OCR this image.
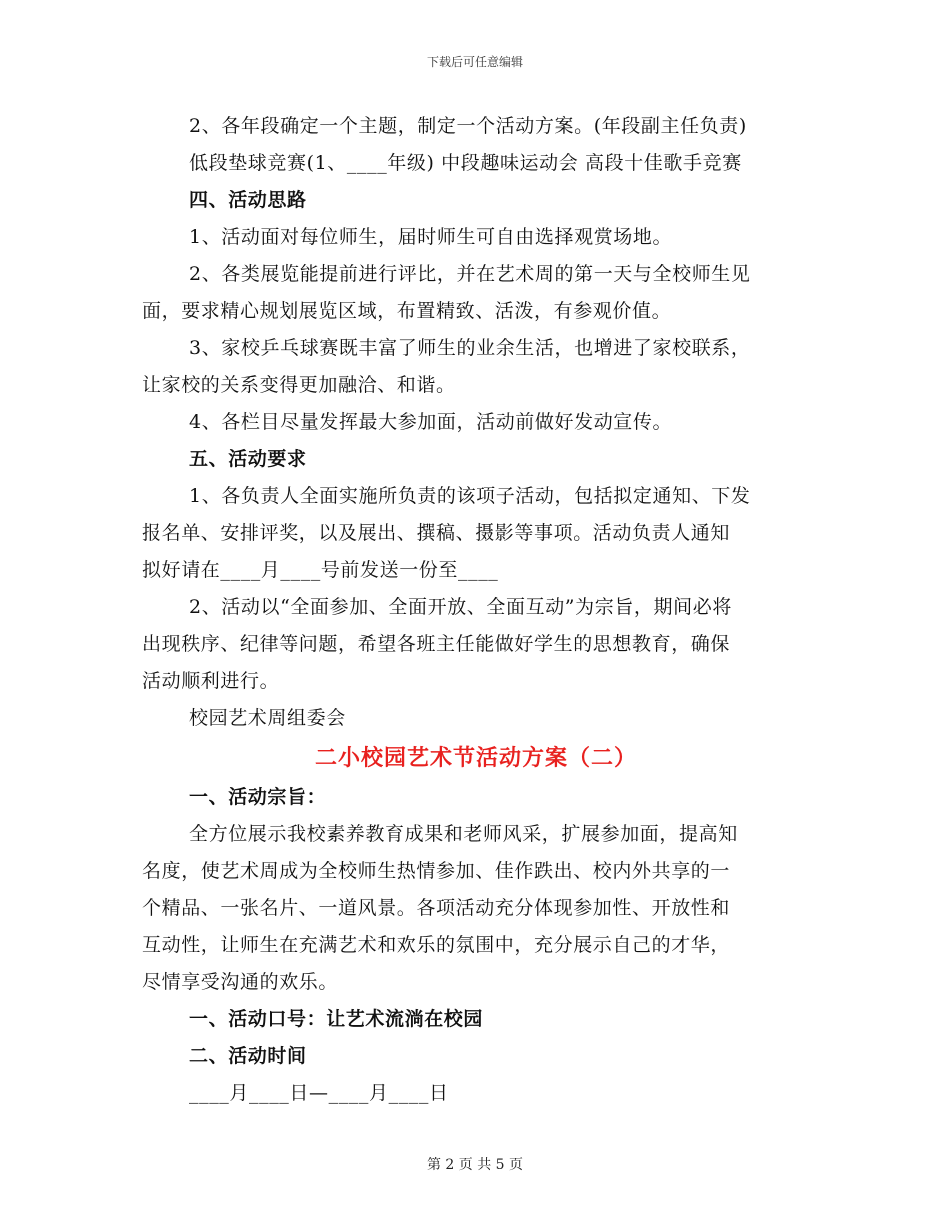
下载后可任意编辑
2、各年段确定一个主题，制定一个活动方案。(年段副主任负责)
低段垫球竞赛(1、____年级) 中段趣味运动会 高段十佳歌手竞赛
四、活动思路
1、活动面对每位师生，届时师生可自由选择观赏场地。
2、各类展览能提前进行评比，并在艺术周的第一天与全校师生见
面，要求精心规划展览区域，布置精致、活泼，有参观价值。
3、家校乒乓球赛既丰富了师生的业余生活，也增进了家校联系，
让家校的关系变得更加融洽、和谐。
4、各栏目尽量发挥最大参加面，活动前做好发动宣传。
五、活动要求
1、各负责人全面实施所负责的该项子活动，包括拟定通知、下发
报名单、安排评奖，以及展出、撰稿、摄影等事项。活动负责人通知
拟好请在____月____号前发送一份至____
2、活动以“全面参加、全面开放、全面互动”为宗旨，期间必将
出现秩序、纪律等问题，希望各班主任能做好学生的思想教育，确保
活动顺利进行。
校园艺术周组委会
二小校园艺术节活动方案（二）
一、活动宗旨：
全方位展示我校素养教育成果和老师风采，扩展参加面，提高知
名度，使艺术周成为全校师生热情参加、佳作跌出、校内外共享的一
个精品、一张名片、一道风景。各项活动充分体现参加性、开放性和
互动性，让师生在充满艺术和欢乐的氛围中，充分展示自己的才华，
尽情享受沟通的欢乐。
一、活动口号：让艺术流淌在校园
二、活动时间
____月____日—____月____日
第 2 页 共 5 页
